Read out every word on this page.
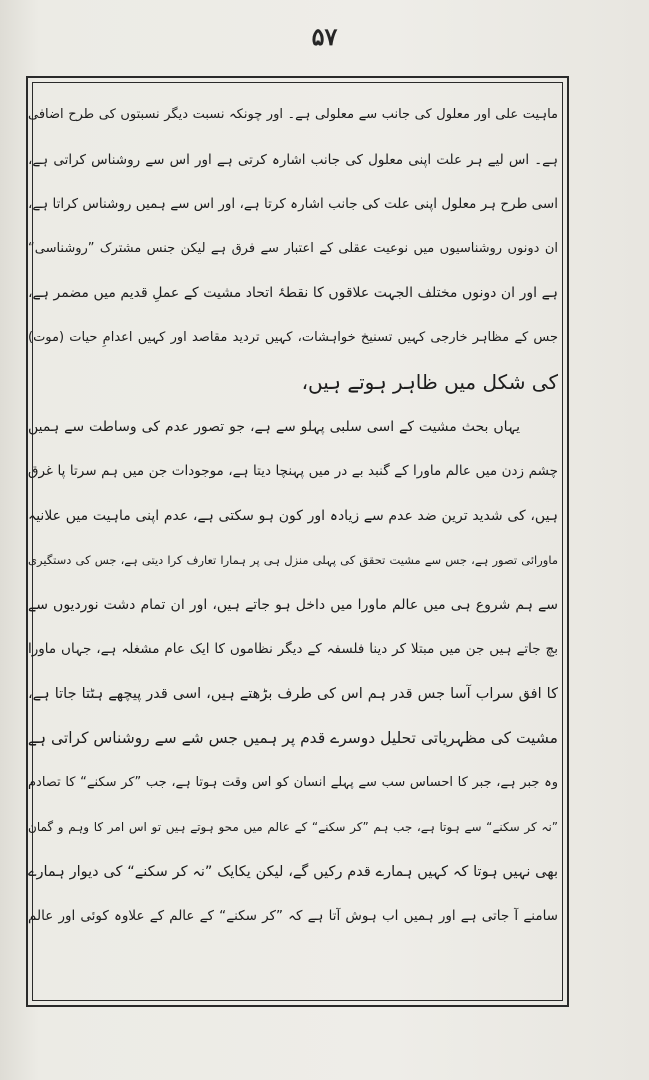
۵۷
ماہیت علی اور معلول کی جانب سے معلولی ہے۔ اور چونکہ نسبت دیگر نسبتوں کی طرح اضافی
ہے۔ اس لیے ہر علت اپنی معلول کی جانب اشارہ کرتی ہے اور اس سے روشناس کراتی ہے،
اسی طرح ہر معلول اپنی علت کی جانب اشارہ کرتا ہے، اور اس سے ہمیں روشناس کراتا ہے،
ان دونوں روشناسیوں میں نوعیت عقلی کے اعتبار سے فرق ہے لیکن جنس مشترک ”روشناسی“
ہے اور ان دونوں مختلف الجہت علاقوں کا نقطۂ اتحاد مشیت کے عملِ قدیم میں مضمر ہے،
جس کے مظاہر خارجی کہیں تسنیخ خواہشات، کہیں تردید مقاصد اور کہیں اعدامِ حیات (موت)
کی شکل میں ظاہر ہوتے ہیں،
یہاں بحث مشیت کے اسی سلبی پہلو سے ہے، جو تصور عدم کی وساطت سے ہمیں
چشم زدن میں عالم ماورا کے گنبد بے در میں پہنچا دیتا ہے، موجودات جن میں ہم سرتا پا غرق
ہیں، کی شدید ترین ضد عدم سے زیادہ اور کون ہو سکتی ہے، عدم اپنی ماہیت میں علانیہ
ماورائی تصور ہے، جس سے مشیت تحقق کی پہلی منزل ہی پر ہمارا تعارف کرا دیتی ہے، جس کی دستگیری
سے ہم شروع ہی میں عالم ماورا میں داخل ہو جاتے ہیں، اور ان تمام دشت نوردیوں سے
بچ جاتے ہیں جن میں مبتلا کر دینا فلسفہ کے دیگر نظاموں کا ایک عام مشغلہ ہے، جہاں ماورا
کا افق سراب آسا جس قدر ہم اس کی طرف بڑھتے ہیں، اسی قدر پیچھے ہٹتا جاتا ہے،
مشیت کی مظہریاتی تحلیل دوسرے قدم پر ہمیں جس شے سے روشناس کراتی ہے
وہ جبر ہے، جبر کا احساس سب سے پہلے انسان کو اس وقت ہوتا ہے، جب ”کر سکنے“ کا تصادم
”نہ کر سکنے“ سے ہوتا ہے، جب ہم ”کر سکنے“ کے عالم میں محو ہوتے ہیں تو اس امر کا وہم و گمان
بھی نہیں ہوتا کہ کہیں ہمارے قدم رکیں گے، لیکن یکایک ”نہ کر سکنے“ کی دیوار ہمارے
سامنے آ جاتی ہے اور ہمیں اب ہوش آتا ہے کہ ”کر سکنے“ کے عالم کے علاوہ کوئی اور عالم
